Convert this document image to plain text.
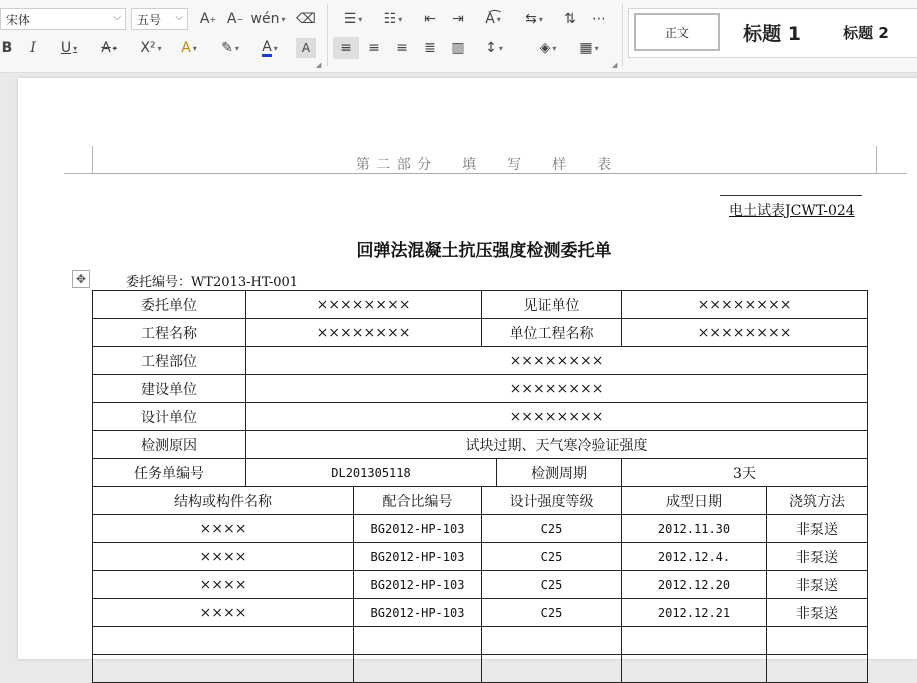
宋体	⌵ 五号 ⌵	A + A − wén ▾ ⌫
B	I	U ▾	A ▾	X² ▾	A ▾	✎ ▾ A ▾	A
◢
☰ ▾	☷ ▾	⇤	⇥	A͡ ▾	⇆ ▾	⇅	⋯
≡	≡	≡	≣	▥	↕ ▾	◈ ▾	▦ ▾
◢
正文	标题 1	标题 2
第 二 部 分　　填　　写　　样　　表
电土试表JCWT-024
回弹法混凝土抗压强度检测委托单
✥	委托编号：WT2013-HT-001
委托单位	××××××××		见证单位		××××××××	
工程名称	××××××××		单位工程名称		××××××××	
工程部位	××××××××					
建设单位	××××××××					
设计单位	××××××××					
检测原因	试块过期、天气寒冷验证强度					
任务单编号	DL201305118			检测周期	3天	
结构或构件名称		配合比编号	设计强度等级		成型日期	浇筑方法
××××		BG2012-HP-103	C25		2012.11.30	非泵送
××××		BG2012-HP-103	C25		2012.12.4.	非泵送
××××		BG2012-HP-103	C25		2012.12.20	非泵送
××××		BG2012-HP-103	C25		2012.12.21	非泵送
